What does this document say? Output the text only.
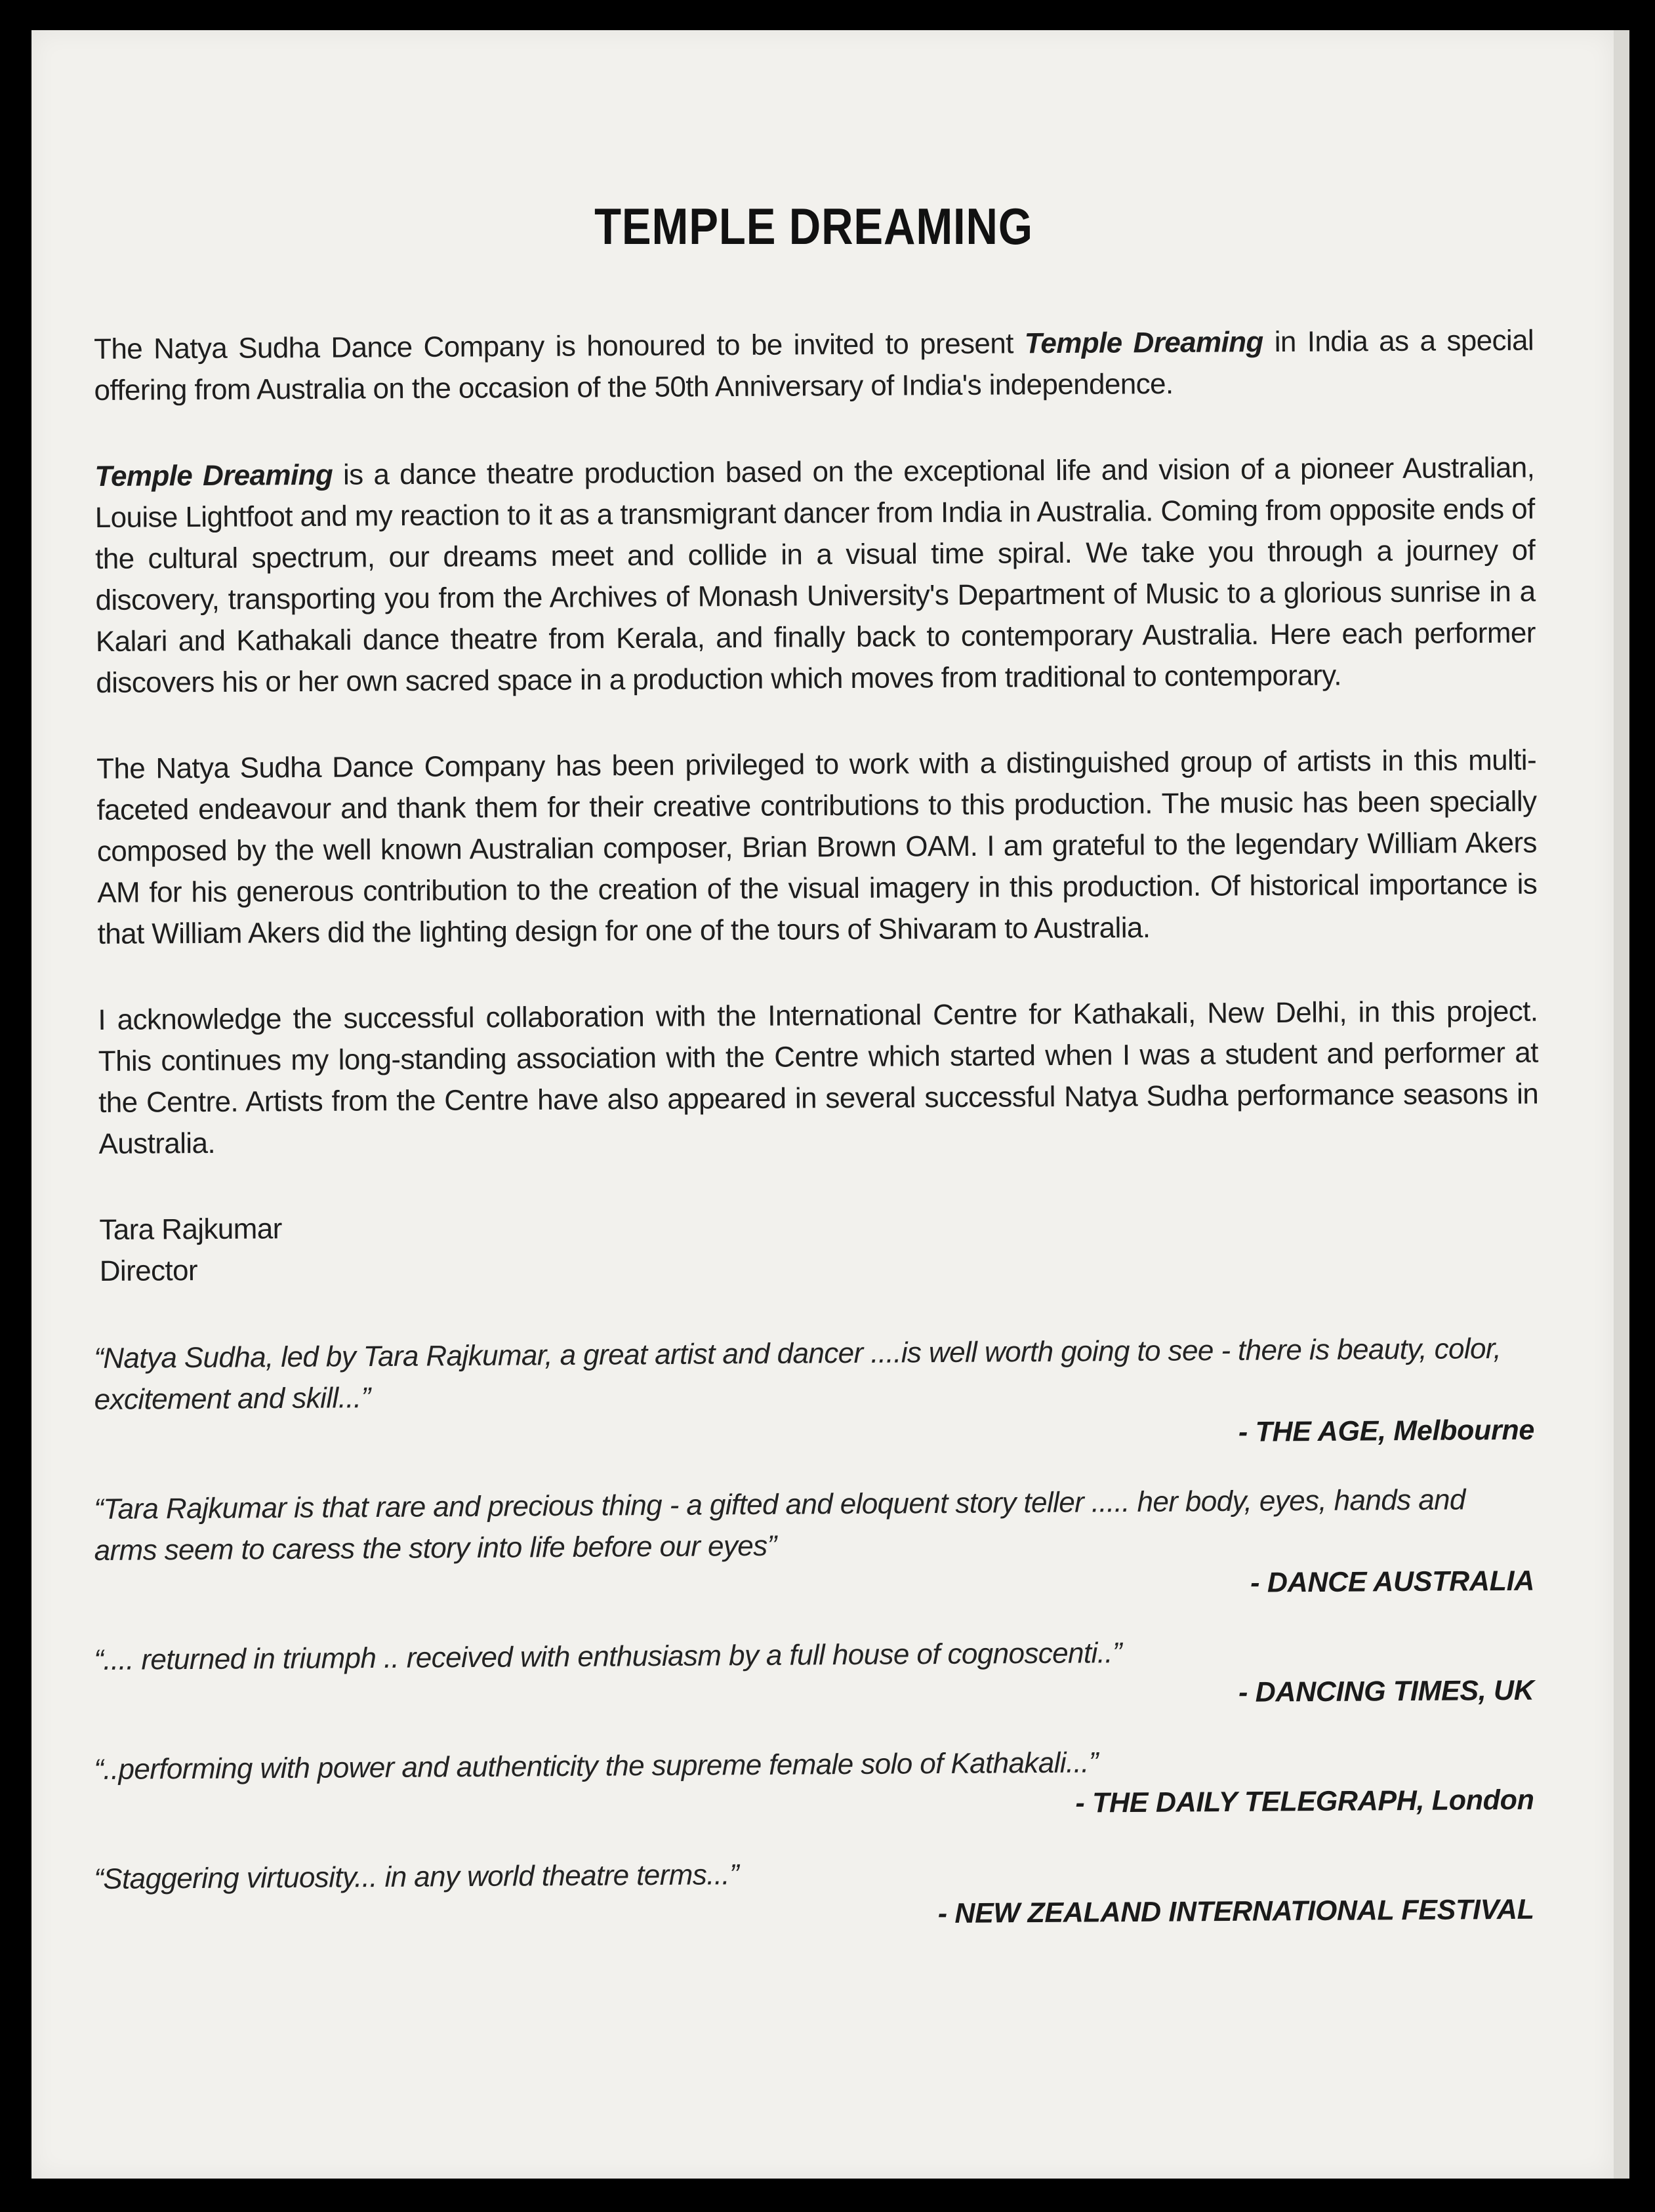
TEMPLE DREAMING

The Natya Sudha Dance Company is honoured to be invited to present Temple Dreaming in India as a special offering from Australia on the occasion of the 50th Anniversary of India's independence.

Temple Dreaming is a dance theatre production based on the exceptional life and vision of a pioneer Australian, Louise Lightfoot and my reaction to it as a transmigrant dancer from India in Australia. Coming from opposite ends of the cultural spectrum, our dreams meet and collide in a visual time spiral. We take you through a journey of discovery, transporting you from the Archives of Monash University's Department of Music to a glorious sunrise in a Kalari and Kathakali dance theatre from Kerala, and finally back to contemporary Australia. Here each performer discovers his or her own sacred space in a production which moves from traditional to contemporary.

The Natya Sudha Dance Company has been privileged to work with a distinguished group of artists in this multi-faceted endeavour and thank them for their creative contributions to this production. The music has been specially composed by the well known Australian composer, Brian Brown OAM. I am grateful to the legendary William Akers AM for his generous contribution to the creation of the visual imagery in this production. Of historical importance is that William Akers did the lighting design for one of the tours of Shivaram to Australia.

I acknowledge the successful collaboration with the International Centre for Kathakali, New Delhi, in this project. This continues my long-standing association with the Centre which started when I was a student and performer at the Centre. Artists from the Centre have also appeared in several successful Natya Sudha performance seasons in Australia.

Tara Rajkumar
Director
“Natya Sudha, led by Tara Rajkumar, a great artist and dancer ....is well worth going to see - there is beauty, color, excitement and skill...”
- THE AGE, Melbourne
“Tara Rajkumar is that rare and precious thing - a gifted and eloquent story teller ..... her body, eyes, hands and arms seem to caress the story into life before our eyes”
- DANCE AUSTRALIA
“.... returned in triumph .. received with enthusiasm by a full house of cognoscenti..”
- DANCING TIMES, UK
“..performing with power and authenticity the supreme female solo of Kathakali...”
- THE DAILY TELEGRAPH, London
“Staggering virtuosity... in any world theatre terms...”
- NEW ZEALAND INTERNATIONAL FESTIVAL
